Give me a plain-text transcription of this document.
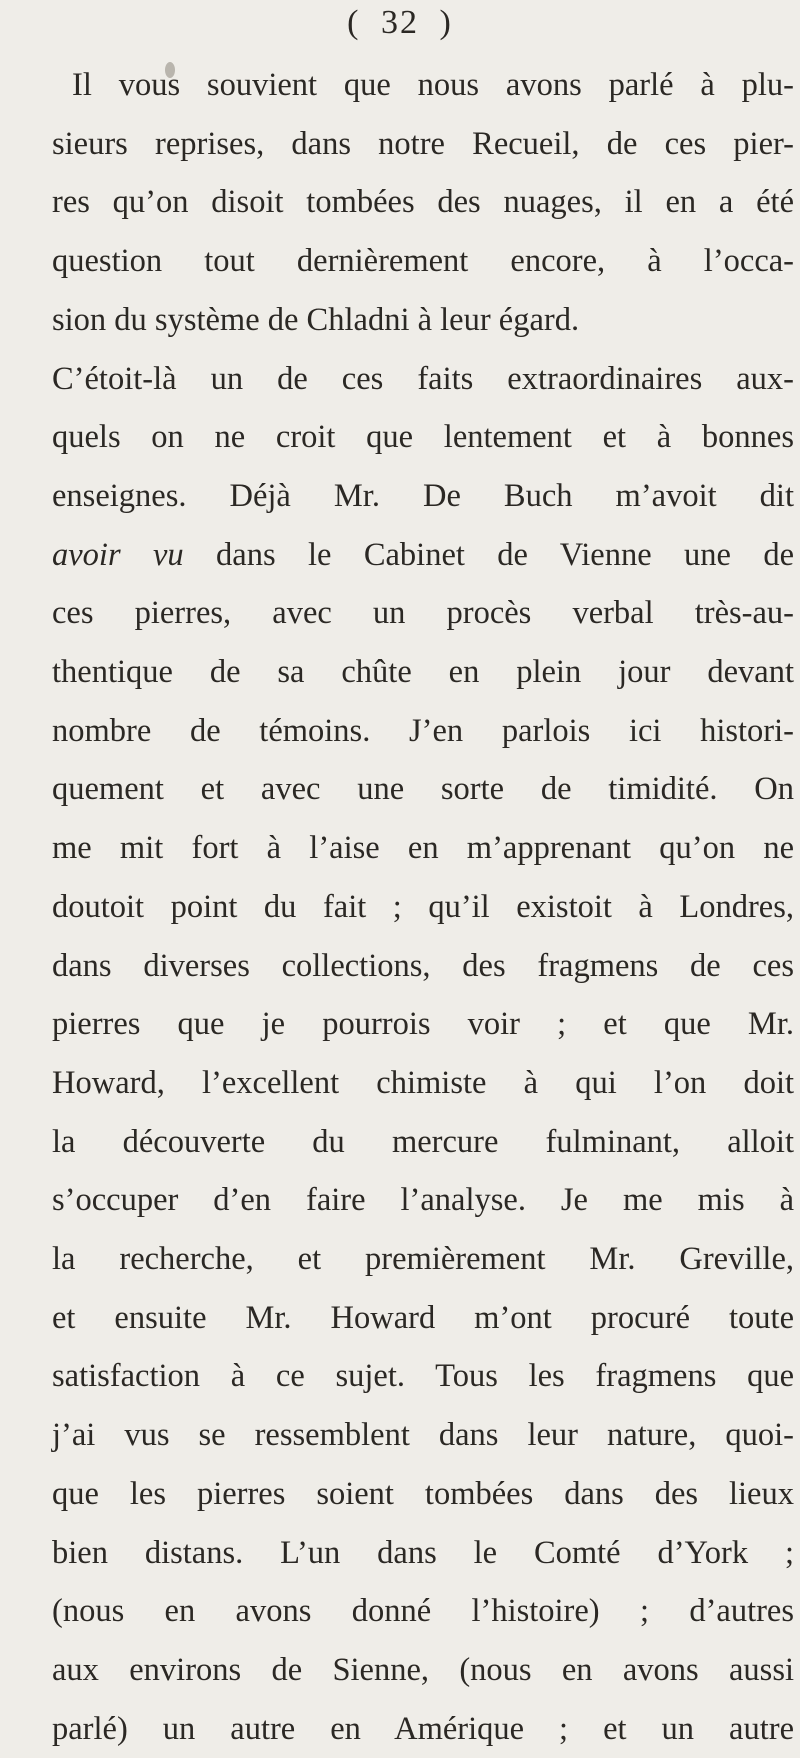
( 32 )
Il vous souvient que nous avons parlé à plu-
sieurs reprises, dans notre Recueil, de ces pier-
res qu’on disoit tombées des nuages, il en a été
question tout dernièrement encore, à l’occa-
sion du système de Chladni à leur égard.
C’étoit-là un de ces faits extraordinaires aux-
quels on ne croit que lentement et à bonnes
enseignes. Déjà Mr. De Buch m’avoit dit
avoir vu dans le Cabinet de Vienne une de
ces pierres, avec un procès verbal très-au-
thentique de sa chûte en plein jour devant
nombre de témoins. J’en parlois ici histori-
quement et avec une sorte de timidité. On
me mit fort à l’aise en m’apprenant qu’on ne
doutoit point du fait ; qu’il existoit à Londres,
dans diverses collections, des fragmens de ces
pierres que je pourrois voir ; et que Mr.
Howard, l’excellent chimiste à qui l’on doit
la découverte du mercure fulminant, alloit
s’occuper d’en faire l’analyse. Je me mis à
la recherche, et premièrement Mr. Greville,
et ensuite Mr. Howard m’ont procuré toute
satisfaction à ce sujet. Tous les fragmens que
j’ai vus se ressemblent dans leur nature, quoi-
que les pierres soient tombées dans des lieux
bien distans. L’un dans le Comté d’York ;
(nous en avons donné l’histoire) ; d’autres
aux environs de Sienne, (nous en avons aussi
parlé) un autre en Amérique ; et un autre
